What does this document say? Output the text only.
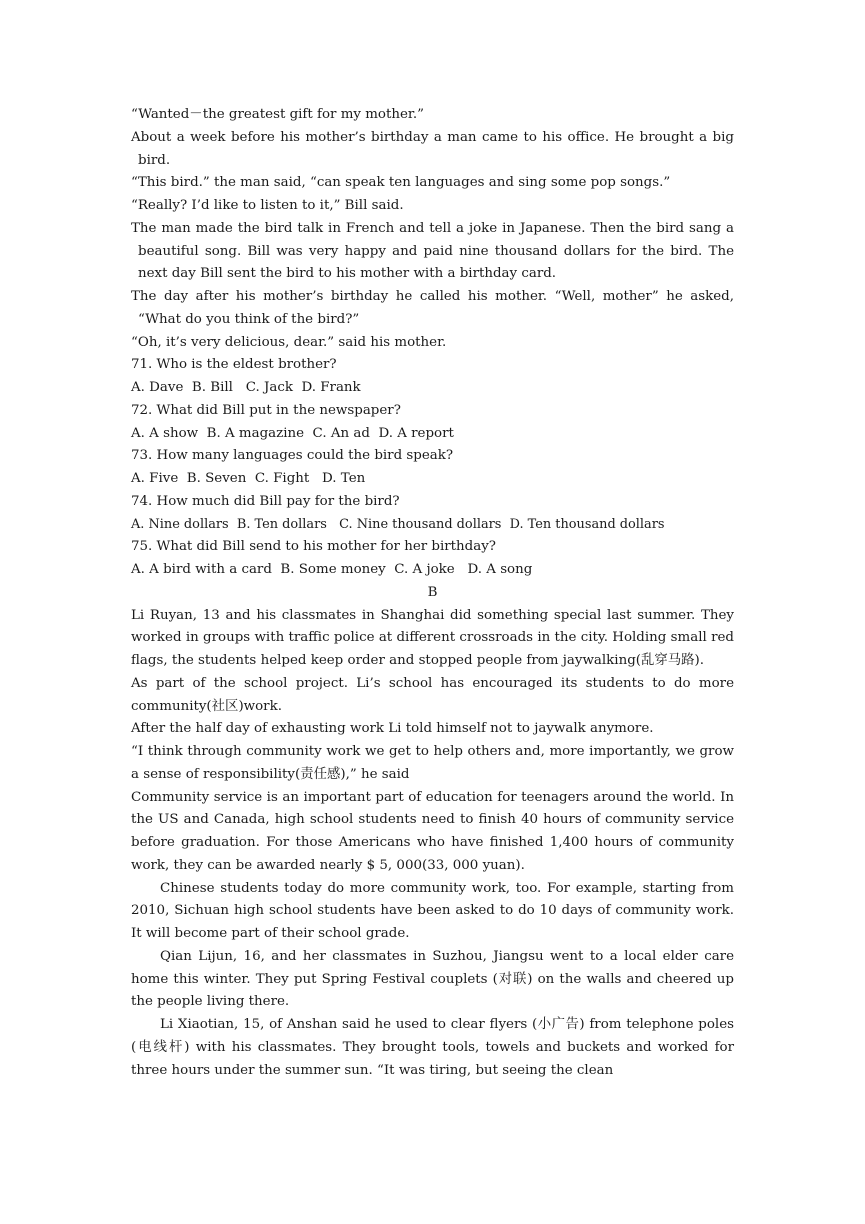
“Wanted－the greatest gift for my mother.”

About a week before his mother’s birthday a man came to his office. He brought a big bird.

“This bird.” the man said, “can speak ten languages and sing some pop songs.”

“Really? I’d like to listen to it,” Bill said.

The man made the bird talk in French and tell a joke in Japanese. Then the bird sang a beautiful song. Bill was very happy and paid nine thousand dollars for the bird. The next day Bill sent the bird to his mother with a birthday card.

The day after his mother’s birthday he called his mother. “Well, mother” he asked, “What do you think of the bird?”

“Oh, it’s very delicious, dear.” said his mother.

71. Who is the eldest brother?

A. Dave  B. Bill   C. Jack  D. Frank

72. What did Bill put in the newspaper?

A. A show  B. A magazine  C. An ad  D. A report

73. How many languages could the bird speak?

A. Five  B. Seven  C. Fight   D. Ten

74. How much did Bill pay for the bird?

A. Nine dollars  B. Ten dollars   C. Nine thousand dollars  D. Ten thousand dollars

75. What did Bill send to his mother for her birthday?

A. A bird with a card  B. Some money  C. A joke   D. A song

B

Li Ruyan, 13 and his classmates in Shanghai did something special last summer. They worked in groups with traffic police at different crossroads in the city. Holding small red flags, the students helped keep order and stopped people from jaywalking(乱穿马路).

As part of the school project. Li’s school has encouraged its students to do more community(社区)work.

After the half day of exhausting work Li told himself not to jaywalk anymore.

“I think through community work we get to help others and, more importantly, we grow a sense of responsibility(责任感),” he said

Community service is an important part of education for teenagers around the world. In the US and Canada, high school students need to finish 40 hours of community service before graduation. For those Americans who have finished 1,400 hours of community work, they can be awarded nearly $ 5, 000(33, 000 yuan).

Chinese students today do more community work, too. For example, starting from 2010, Sichuan high school students have been asked to do 10 days of community work. It will become part of their school grade.

Qian Lijun, 16, and her classmates in Suzhou, Jiangsu went to a local elder care home this winter. They put Spring Festival couplets (对联) on the walls and cheered up the people living there.

Li Xiaotian, 15, of Anshan said he used to clear flyers (小广告) from telephone poles (电线杆) with his classmates. They brought tools, towels and buckets and worked for three hours under the summer sun. “It was tiring, but seeing the clean
